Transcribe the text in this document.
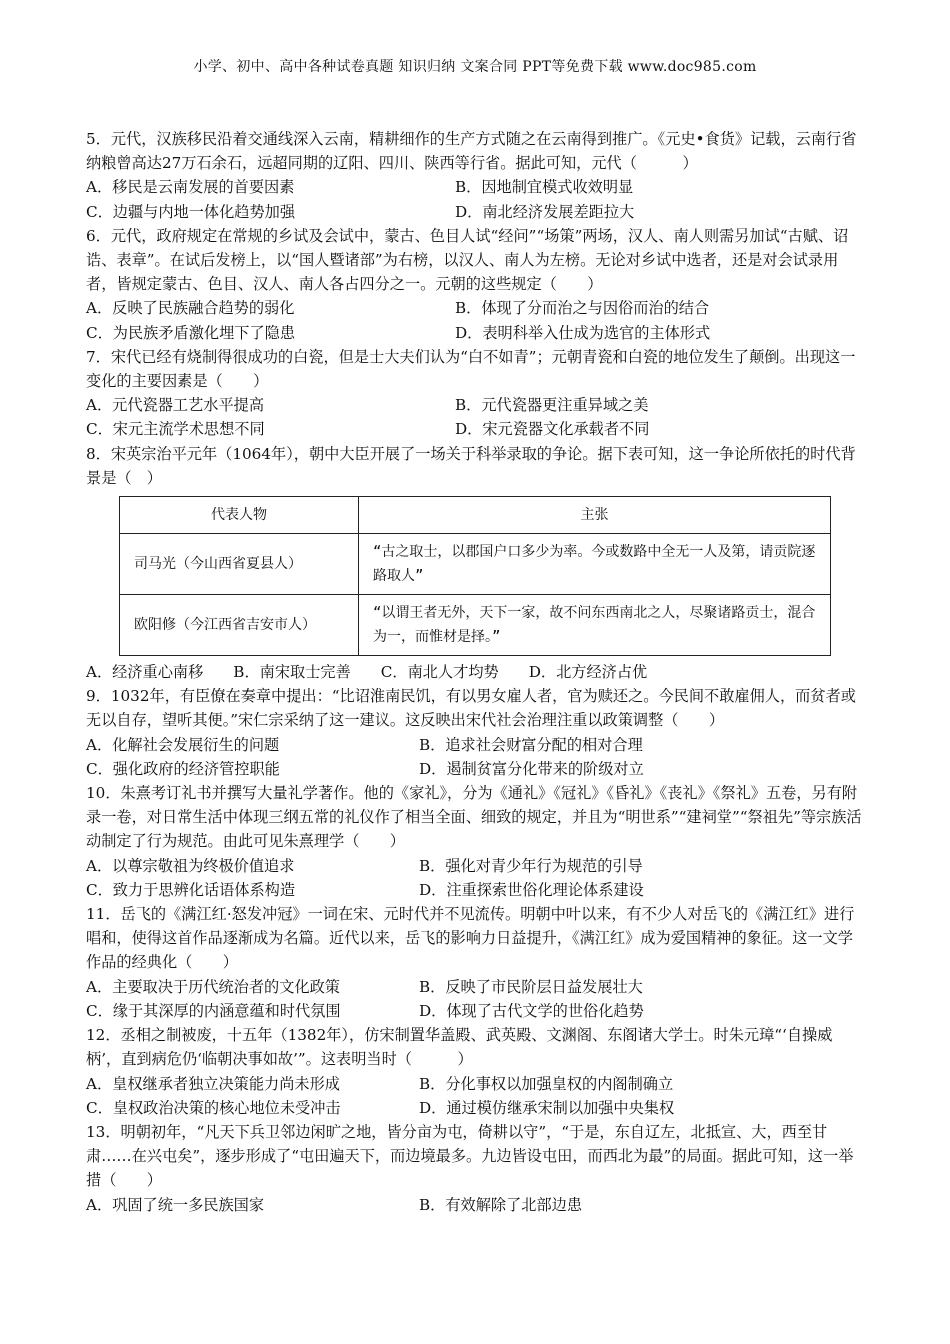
小学、初中、高中各种试卷真题 知识归纳 文案合同 PPT等免费下载 www.doc985.com

5．元代，汉族移民沿着交通线深入云南，精耕细作的生产方式随之在云南得到推广。《元史•食货》记载，云南行省纳粮曾高达27万石余石，远超同期的辽阳、四川、陕西等行省。据此可知，元代（　　　）

A．移民是云南发展的首要因素	B．因地制宜模式收效明显
C．边疆与内地一体化趋势加强	D．南北经济发展差距拉大

6．元代，政府规定在常规的乡试及会试中，蒙古、色目人试“经问”“场策”两场，汉人、南人则需另加试“古赋、诏诰、表章”。在试后发榜上，以“国人暨诸部”为右榜，以汉人、南人为左榜。无论对乡试中选者，还是对会试录用者，皆规定蒙古、色目、汉人、南人各占四分之一。元朝的这些规定（　　）

A．反映了民族融合趋势的弱化	B．体现了分而治之与因俗而治的结合
C．为民族矛盾激化埋下了隐患	D．表明科举入仕成为选官的主体形式

7．宋代已经有烧制得很成功的白瓷，但是士大夫们认为“白不如青”；元朝青瓷和白瓷的地位发生了颠倒。出现这一变化的主要因素是（　　）

A．元代瓷器工艺水平提高	B．元代瓷器更注重异域之美
C．宋元主流学术思想不同	D．宋元瓷器文化承载者不同

8．宋英宗治平元年（1064年），朝中大臣开展了一场关于科举录取的争论。据下表可知，这一争论所依托的时代背景是（　）

代表人物	主张
司马光（今山西省夏县人）	“古之取士，以郡国户口多少为率。今或数路中全无一人及第，请贡院逐路取人”
欧阳修（今江西省吉安市人）	“以谓王者无外，天下一家，故不问东西南北之人，尽聚诸路贡士，混合为一，而惟材是择。”
A．经济重心南移 B．南宋取士完善 C．南北人才均势 D．北方经济占优

9．1032年，有臣僚在奏章中提出：“比诏淮南民饥，有以男女雇人者，官为赎还之。今民间不敢雇佣人，而贫者或无以自存，望听其便。”宋仁宗采纳了这一建议。这反映出宋代社会治理注重以政策调整（　　）

A．化解社会发展衍生的问题	B．追求社会财富分配的相对合理
C．强化政府的经济管控职能	D．遏制贫富分化带来的阶级对立

10．朱熹考订礼书并撰写大量礼学著作。他的《家礼》，分为《通礼》《冠礼》《昏礼》《丧礼》《祭礼》五卷，另有附录一卷，对日常生活中体现三纲五常的礼仪作了相当全面、细致的规定，并且为“明世系”“建祠堂”“祭祖先”等宗族活动制定了行为规范。由此可见朱熹理学（　　）

A．以尊宗敬祖为终极价值追求	B．强化对青少年行为规范的引导
C．致力于思辨化话语体系构造	D．注重探索世俗化理论体系建设

11．岳飞的《满江红·怒发冲冠》一词在宋、元时代并不见流传。明朝中叶以来，有不少人对岳飞的《满江红》进行唱和，使得这首作品逐渐成为名篇。近代以来，岳飞的影响力日益提升，《满江红》成为爱国精神的象征。这一文学作品的经典化（　　）

A．主要取决于历代统治者的文化政策	B．反映了市民阶层日益发展壮大
C．缘于其深厚的内涵意蕴和时代氛围	D．体现了古代文学的世俗化趋势

12．丞相之制被废，十五年（1382年），仿宋制置华盖殿、武英殿、文渊阁、东阁诸大学士。时朱元璋“‘自操威柄’，直到病危仍‘临朝决事如故’”。这表明当时（　　　）

A．皇权继承者独立决策能力尚未形成	B．分化事权以加强皇权的内阁制确立
C．皇权政治决策的核心地位未受冲击	D．通过模仿继承宋制以加强中央集权

13．明朝初年，“凡天下兵卫邻边闲旷之地，皆分亩为屯，倚耕以守”，“于是，东自辽左，北抵宣、大，西至甘肃……在兴屯矣”，逐步形成了“屯田遍天下，而边境最多。九边皆设屯田，而西北为最”的局面。据此可知，这一举措（　　）

A．巩固了统一多民族国家	B．有效解除了北部边患
